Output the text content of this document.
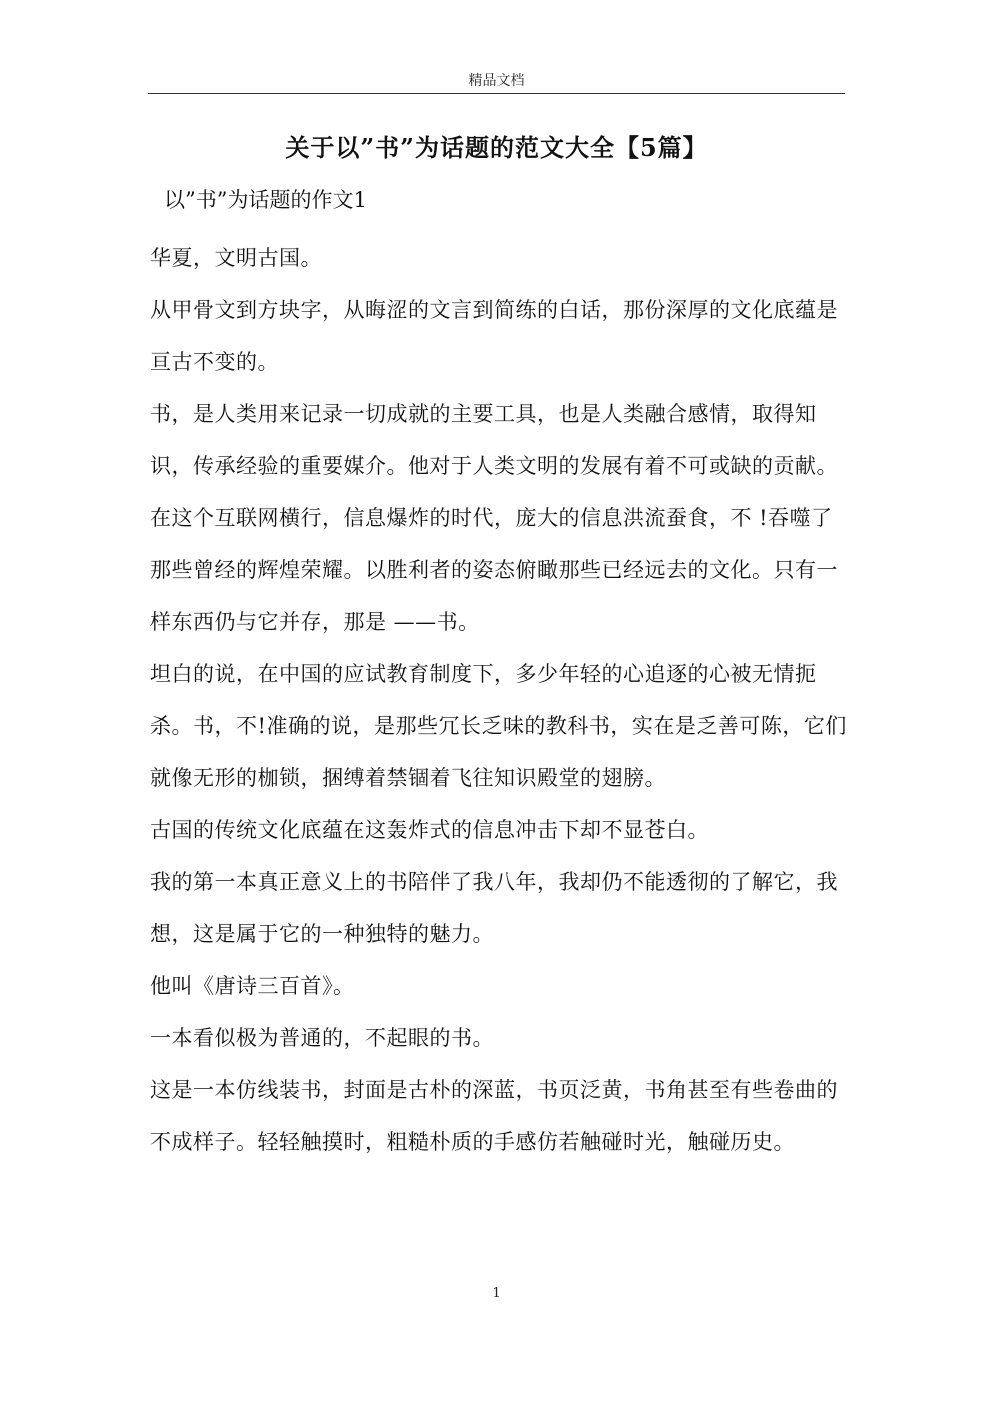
精品文档
关于以”书”为话题的范文大全【5篇】
以”书”为话题的作文1

华夏，文明古国。

从甲骨文到方块字，从晦涩的文言到简练的白话，那份深厚的文化底蕴是亘古不变的。

书，是人类用来记录一切成就的主要工具，也是人类融合感情，取得知识，传承经验的重要媒介。他对于人类文明的发展有着不可或缺的贡献。

在这个互联网横行，信息爆炸的时代，庞大的信息洪流蚕食，不 !吞噬了那些曾经的辉煌荣耀。以胜利者的姿态俯瞰那些已经远去的文化。只有一样东西仍与它并存，那是 ——书。

坦白的说，在中国的应试教育制度下，多少年轻的心追逐的心被无情扼杀。书，不!准确的说，是那些冗长乏味的教科书，实在是乏善可陈，它们就像无形的枷锁，捆缚着禁锢着飞往知识殿堂的翅膀。

古国的传统文化底蕴在这轰炸式的信息冲击下却不显苍白。

我的第一本真正意义上的书陪伴了我八年，我却仍不能透彻的了解它，我想，这是属于它的一种独特的魅力。

他叫《唐诗三百首》。

一本看似极为普通的，不起眼的书。

这是一本仿线装书，封面是古朴的深蓝，书页泛黄，书角甚至有些卷曲的不成样子。轻轻触摸时，粗糙朴质的手感仿若触碰时光，触碰历史。

1
